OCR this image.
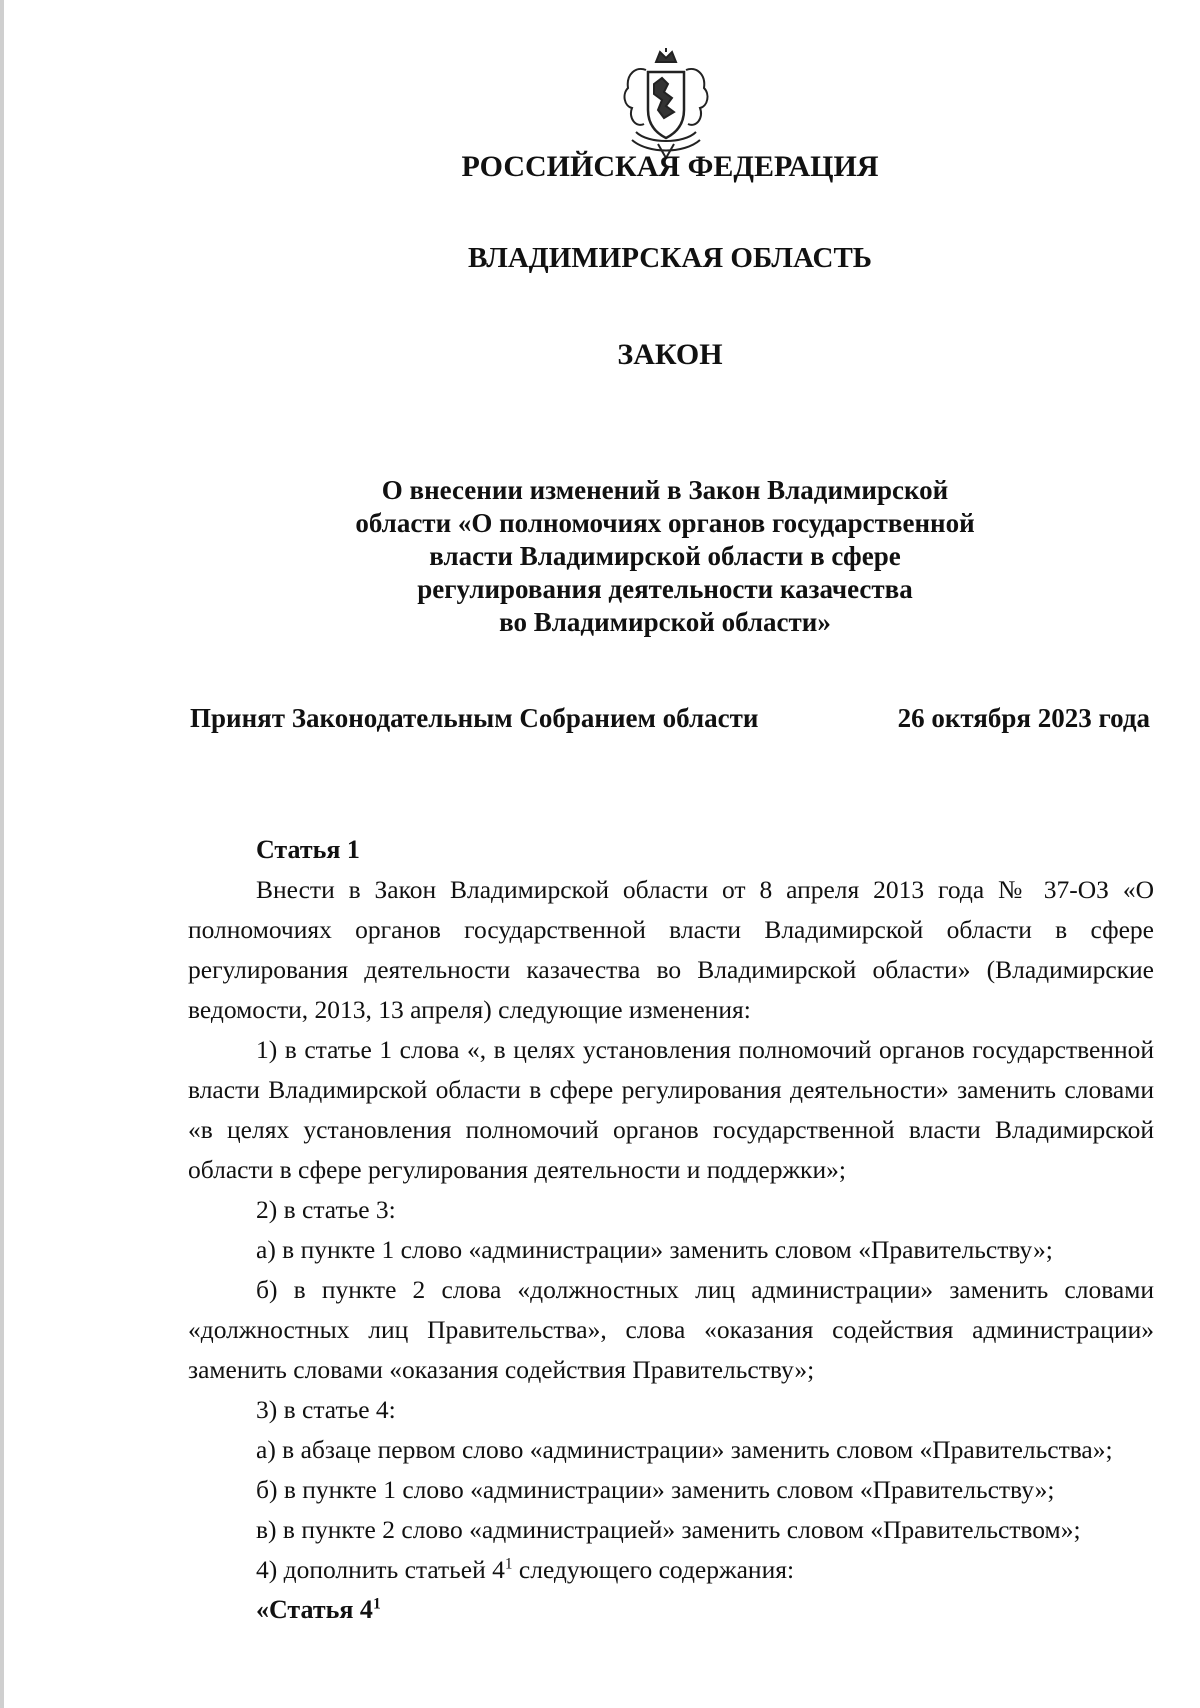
РОССИЙСКАЯ ФЕДЕРАЦИЯ
ВЛАДИМИРСКАЯ ОБЛАСТЬ
ЗАКОН
О внесении изменений в Закон Владимирской
области «О полномочиях органов государственной
власти Владимирской области в сфере
регулирования деятельности казачества
во Владимирской области»
Принят Законодательным Собранием области	26 октября 2023 года

Статья 1

Внести в Закон Владимирской области от 8 апреля 2013 года № 37-ОЗ «О полномочиях органов государственной власти Владимирской области в сфере регулирования деятельности казачества во Владимирской области» (Владимирские ведомости, 2013, 13 апреля) следующие изменения:

1) в статье 1 слова «, в целях установления полномочий органов государственной власти Владимирской области в сфере регулирования деятельности» заменить словами «в целях установления полномочий органов государственной власти Владимирской области в сфере регулирования деятельности и поддержки»;

2) в статье 3:

а) в пункте 1 слово «администрации» заменить словом «Правительству»;

б) в пункте 2 слова «должностных лиц администрации» заменить словами «должностных лиц Правительства», слова «оказания содействия администрации» заменить словами «оказания содействия Правительству»;

3) в статье 4:

а) в абзаце первом слово «администрации» заменить словом «Правительства»;

б) в пункте 1 слово «администрации» заменить словом «Правительству»;

в) в пункте 2 слово «администрацией» заменить словом «Правительством»;

4) дополнить статьей $4^1$ следующего содержания:

«Статья $4^1$
